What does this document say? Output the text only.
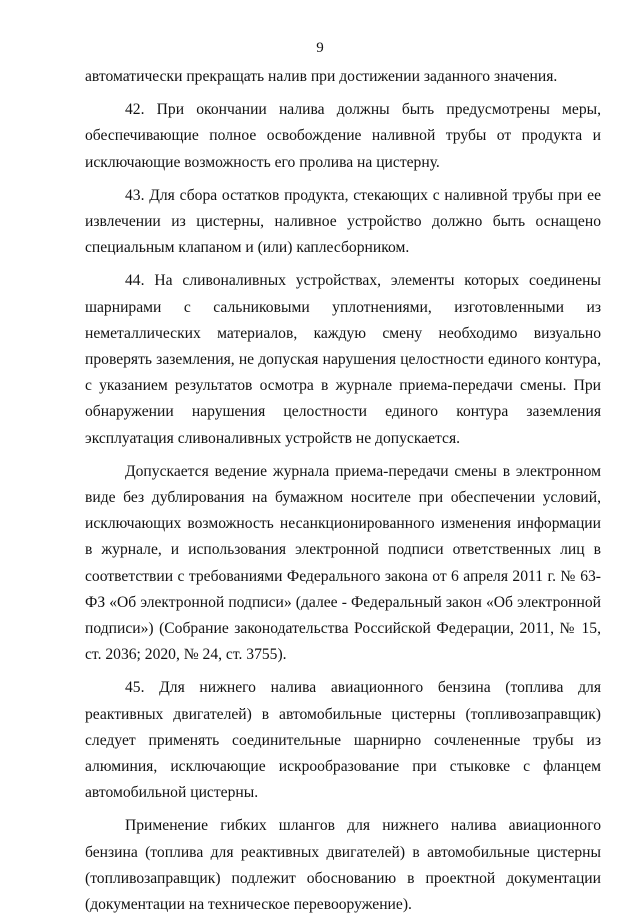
9

автоматически прекращать налив при достижении заданного значения.

42. При окончании налива должны быть предусмотрены меры, обеспечивающие полное освобождение наливной трубы от продукта и исключающие возможность его пролива на цистерну.

43. Для сбора остатков продукта, стекающих с наливной трубы при ее извлечении из цистерны, наливное устройство должно быть оснащено специальным клапаном и (или) каплесборником.

44. На сливоналивных устройствах, элементы которых соединены шарнирами с сальниковыми уплотнениями, изготовленными из неметаллических материалов, каждую смену необходимо визуально проверять заземления, не допуская нарушения целостности единого контура, с указанием результатов осмотра в журнале приема-передачи смены. При обнаружении нарушения целостности единого контура заземления эксплуатация сливоналивных устройств не допускается.

Допускается ведение журнала приема-передачи смены в электронном виде без дублирования на бумажном носителе при обеспечении условий, исключающих возможность несанкционированного изменения информации в журнале, и использования электронной подписи ответственных лиц в соответствии с требованиями Федерального закона от 6 апреля 2011 г. № 63-ФЗ «Об электронной подписи» (далее - Федеральный закон «Об электронной подписи») (Собрание законодательства Российской Федерации, 2011, № 15, ст. 2036; 2020, № 24, ст. 3755).

45. Для нижнего налива авиационного бензина (топлива для реактивных двигателей) в автомобильные цистерны (топливозаправщик) следует применять соединительные шарнирно сочлененные трубы из алюминия, исключающие искрообразование при стыковке с фланцем автомобильной цистерны.

Применение гибких шлангов для нижнего налива авиационного бензина (топлива для реактивных двигателей) в автомобильные цистерны (топливозаправщик) подлежит обоснованию в проектной документации (документации на техническое перевооружение).
